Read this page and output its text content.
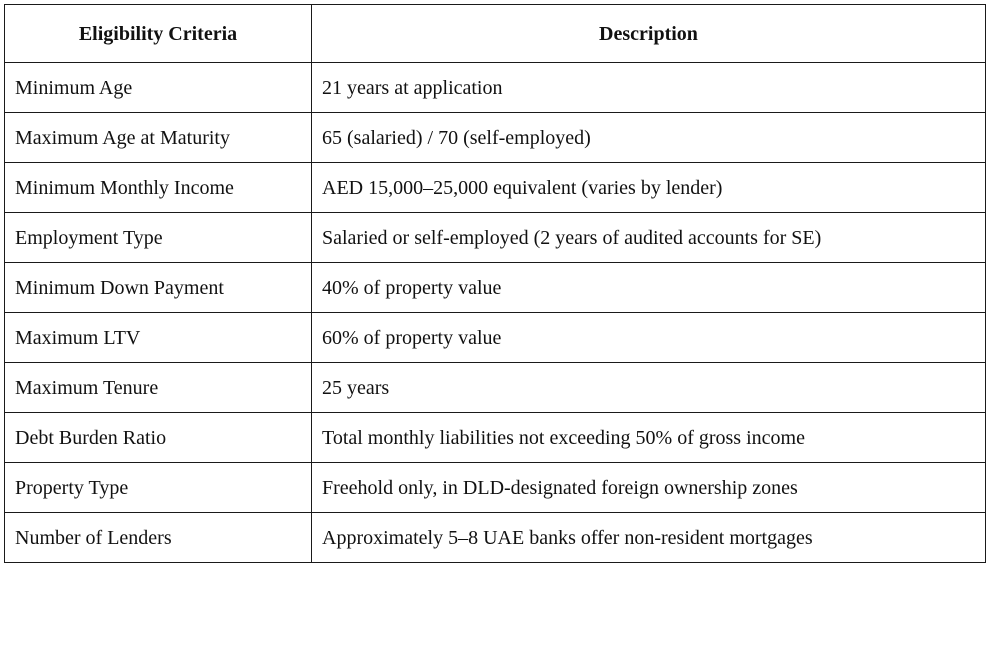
Eligibility Criteria	Description
Minimum Age	21 years at application
Maximum Age at Maturity	65 (salaried) / 70 (self-employed)
Minimum Monthly Income	AED 15,000–25,000 equivalent (varies by lender)
Employment Type	Salaried or self-employed (2 years of audited accounts for SE)
Minimum Down Payment	40% of property value
Maximum LTV	60% of property value
Maximum Tenure	25 years
Debt Burden Ratio	Total monthly liabilities not exceeding 50% of gross income
Property Type	Freehold only, in DLD-designated foreign ownership zones
Number of Lenders	Approximately 5–8 UAE banks offer non-resident mortgages
